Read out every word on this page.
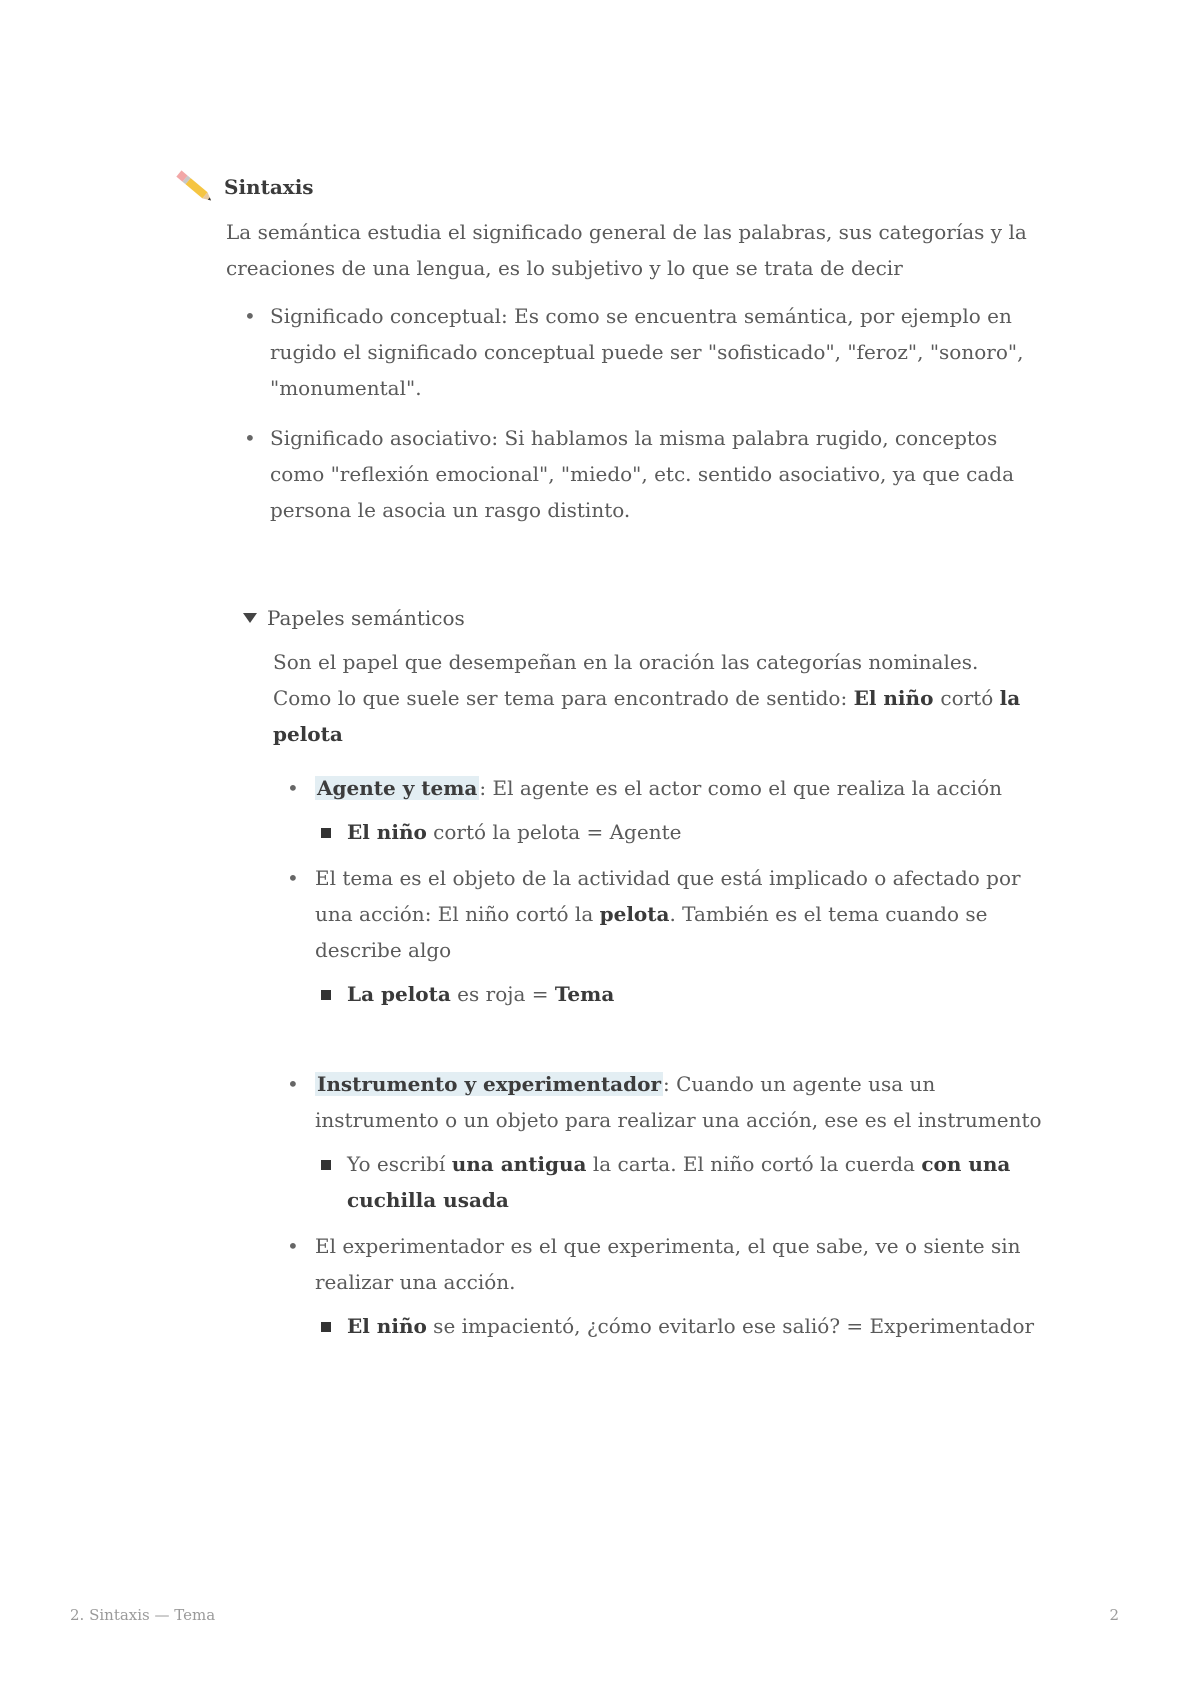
Sintaxis

La semántica estudia el significado general de las palabras, sus categorías y la creaciones de una lengua, es lo subjetivo y lo que se trata de decir

• Significado conceptual: Es como se encuentra semántica, por ejemplo en rugido el significado conceptual puede ser "sofisticado", "feroz", "sonoro", "monumental".
• Significado asociativo: Si hablamos la misma palabra rugido, conceptos como "reflexión emocional", "miedo", etc. sentido asociativo, ya que cada persona le asocia un rasgo distinto.
Papeles semánticos

Son el papel que desempeñan en la oración las categorías nominales. Como lo que suele ser tema para encontrado de sentido: El niño cortó la pelota

• Agente y tema : El agente es el actor como el que realiza la acción
El niño cortó la pelota = Agente
• El tema es el objeto de la actividad que está implicado o afectado por una acción: El niño cortó la pelota. También es el tema cuando se describe algo
La pelota es roja = Tema
• Instrumento y experimentador : Cuando un agente usa un instrumento o un objeto para realizar una acción, ese es el instrumento
Yo escribí una antigua la carta. El niño cortó la cuerda con una cuchilla usada
• El experimentador es el que experimenta, el que sabe, ve o siente sin realizar una acción.
El niño se impacientó, ¿cómo evitarlo ese salió? = Experimentador
2. Sintaxis — Tema	2
